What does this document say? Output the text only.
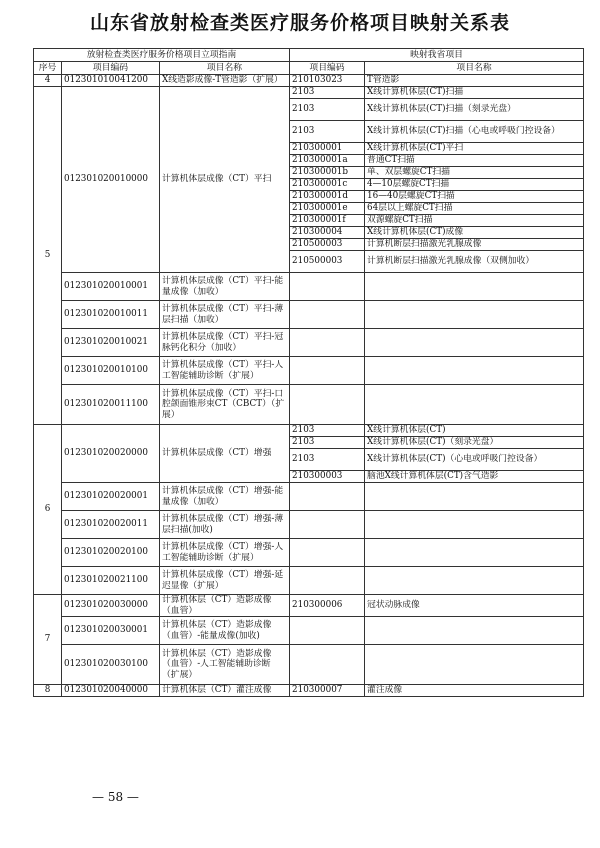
山东省放射检查类医疗服务价格项目映射关系表
放射检查类医疗服务价格项目立项指南			映射我省项目	
序号	项目编码	项目名称	项目编码	项目名称
4	012301010041200	X线造影成像-T管造影（扩展）	210103023	T管造影
5	012301020010000	计算机体层成像（CT）平扫	2103	X线计算机体层(CT)扫描
			2103	X线计算机体层(CT)扫描（刻录光盘）
			2103	X线计算机体层(CT)扫描（心电或呼吸门控设备）
			210300001	X线计算机体层(CT)平扫
			210300001a	普通CT扫描
			210300001b	单、双层螺旋CT扫描
			210300001c	4—10层螺旋CT扫描
			210300001d	16—40层螺旋CT扫描
			210300001e	64层以上螺旋CT扫描
			210300001f	双源螺旋CT扫描
			210300004	X线计算机体层(CT)成像
			210500003	计算机断层扫描激光乳腺成像
			210500003	计算机断层扫描激光乳腺成像（双侧加收）
	012301020010001	计算机体层成像（CT）平扫-能量成像（加收）		
	012301020010011	计算机体层成像（CT）平扫-薄层扫描（加收）		
	012301020010021	计算机体层成像（CT）平扫-冠脉钙化积分（加收）		
	012301020010100	计算机体层成像（CT）平扫-人工智能辅助诊断（扩展）		
	012301020011100	计算机体层成像（CT）平扫-口腔颌面锥形束CT（CBCT）（扩展）		
6	012301020020000	计算机体层成像（CT）增强	2103	X线计算机体层(CT)
			2103	X线计算机体层(CT)（刻录光盘）
			2103	X线计算机体层(CT)（心电或呼吸门控设备）
			210300003	脑池X线计算机体层(CT)含气造影
	012301020020001	计算机体层成像（CT）增强-能量成像（加收）		
	012301020020011	计算机体层成像（CT）增强-薄层扫描(加收)		
	012301020020100	计算机体层成像（CT）增强-人工智能辅助诊断（扩展）		
	012301020021100	计算机体层成像（CT）增强-延迟显像（扩展）		
7	012301020030000	计算机体层（CT）造影成像（血管）	210300006	冠状动脉成像
	012301020030001	计算机体层（CT）造影成像（血管）-能量成像(加收)		
	012301020030100	计算机体层（CT）造影成像（血管）-人工智能辅助诊断（扩展）		
8	012301020040000	计算机体层（CT）灌注成像	210300007	灌注成像
— 58 —
